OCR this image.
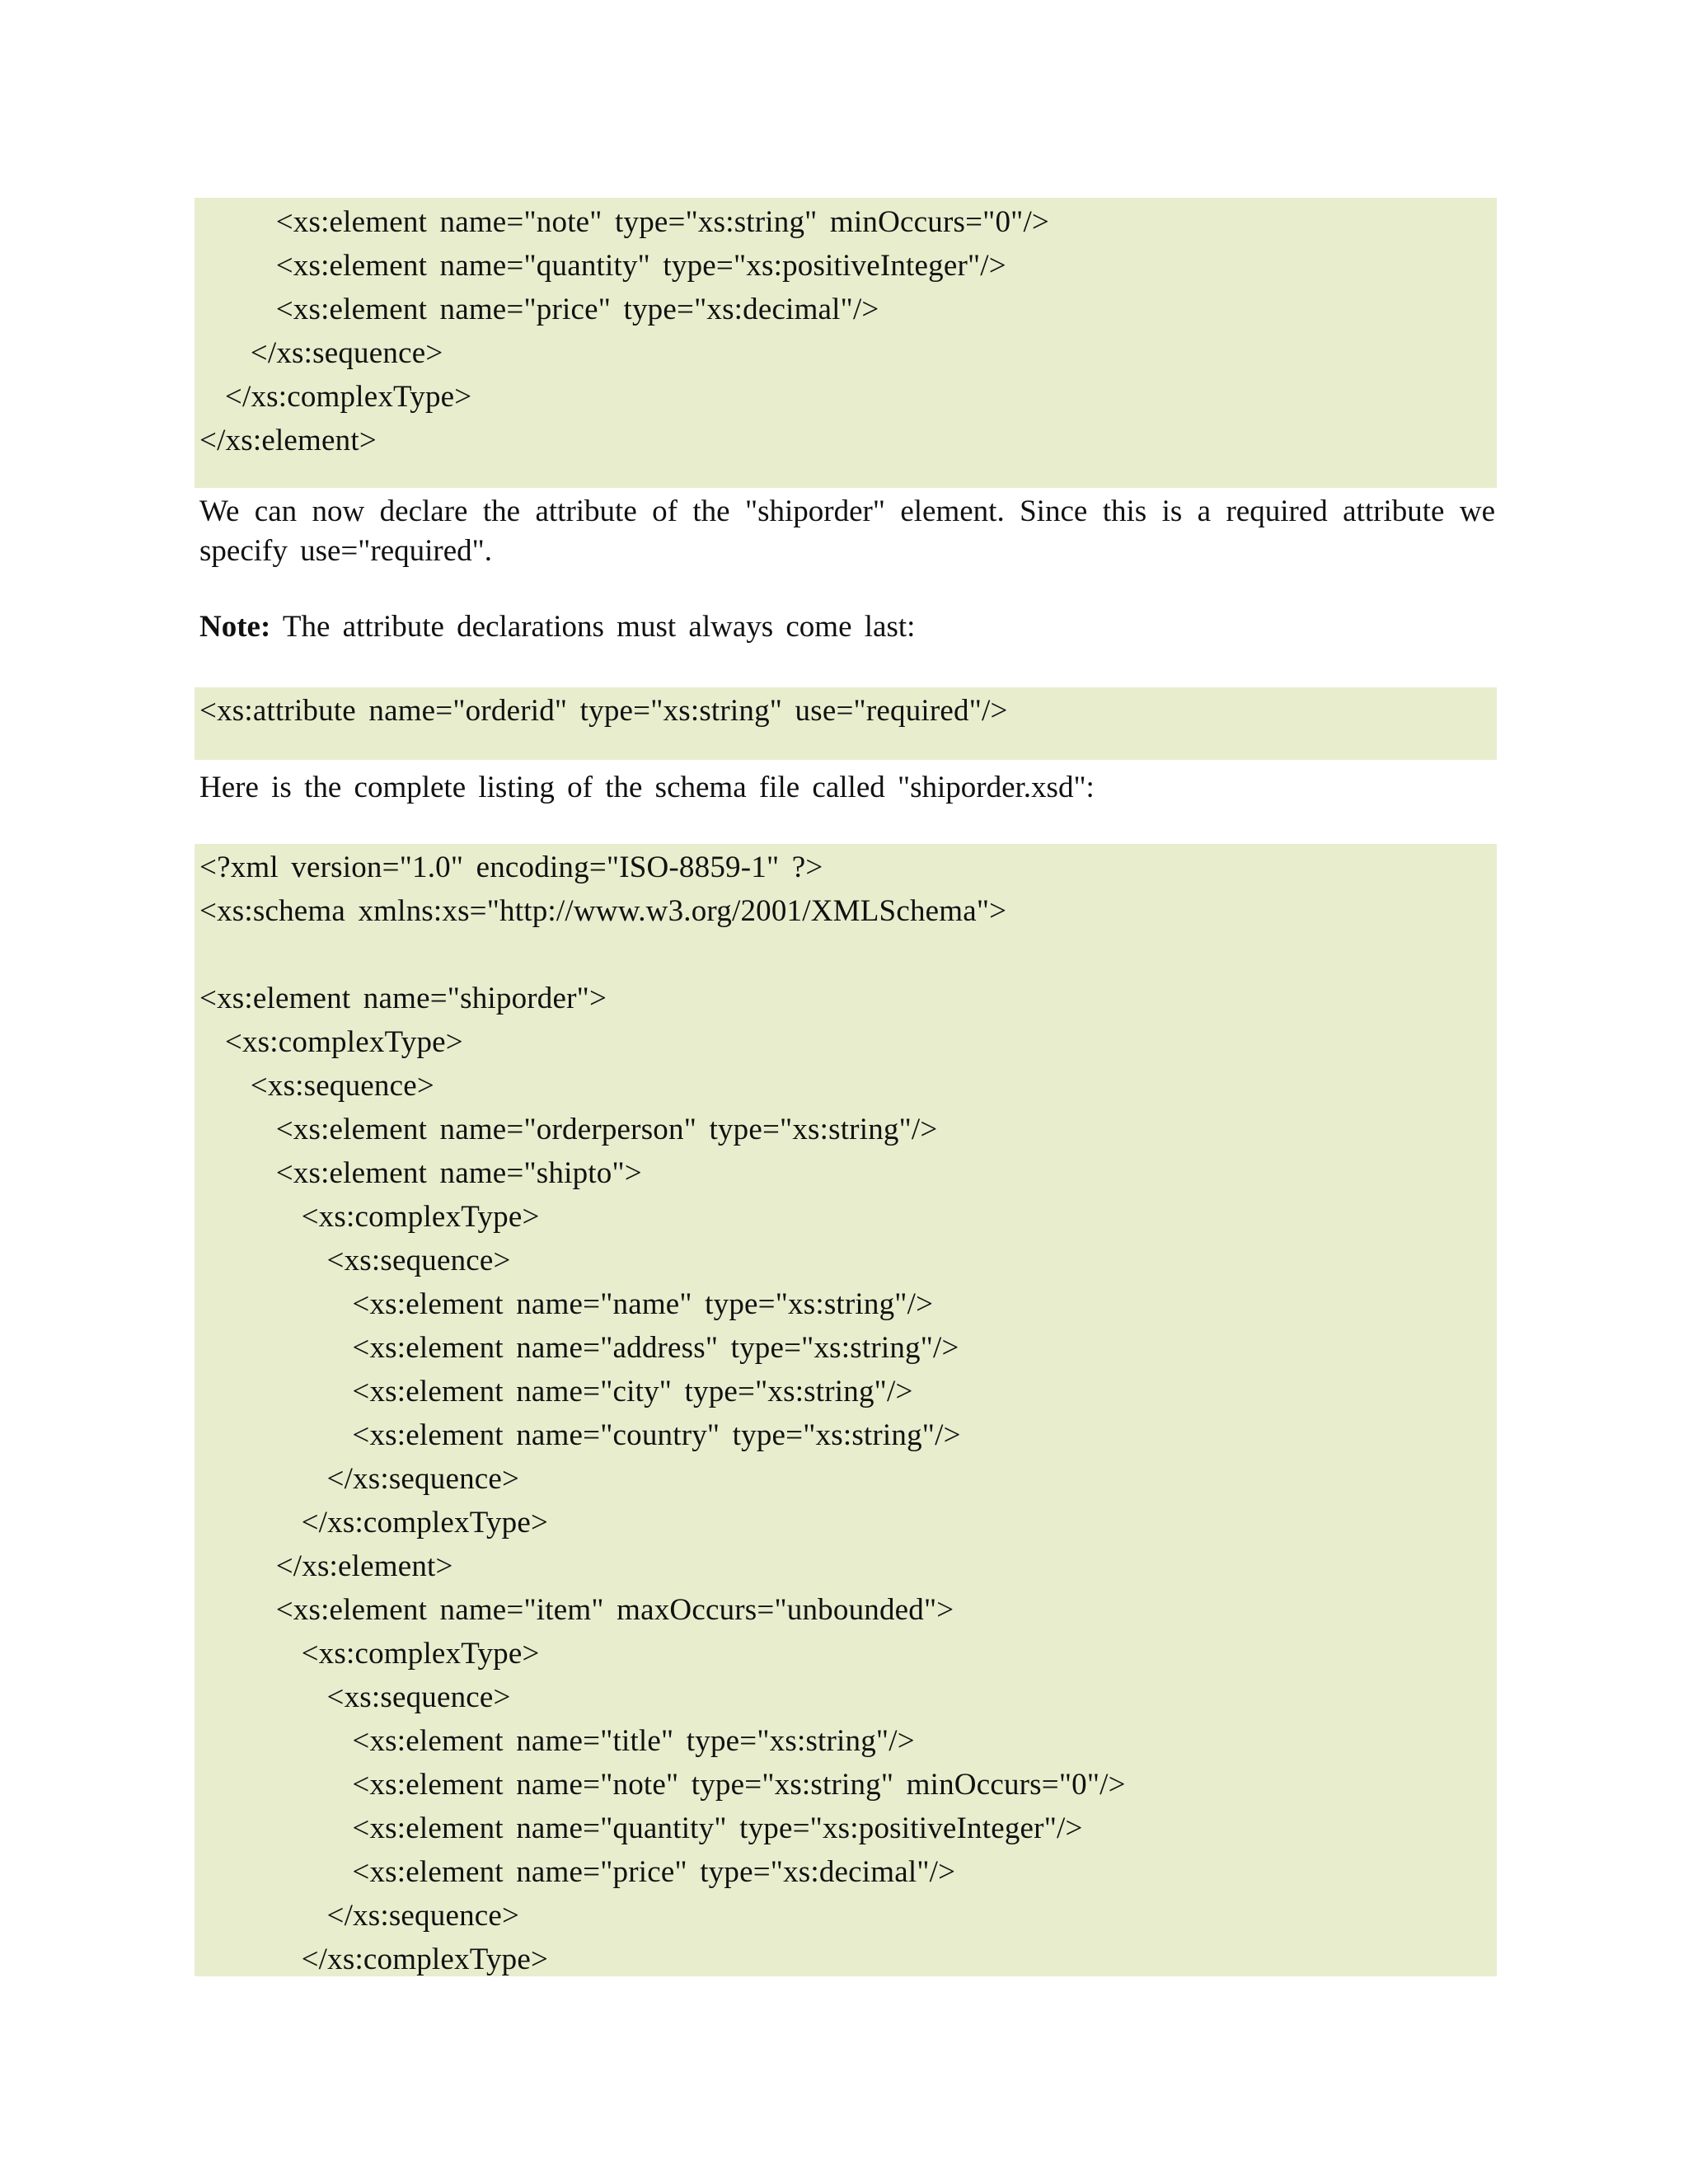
<xs:element name="note" type="xs:string" minOccurs="0"/>
<xs:element name="quantity" type="xs:positiveInteger"/>
<xs:element name="price" type="xs:decimal"/>
</xs:sequence>
</xs:complexType>
</xs:element>

We can now declare the attribute of the "shiporder" element. Since this is a required attribute we specify use="required".

Note: The attribute declarations must always come last:

<xs:attribute name="orderid" type="xs:string" use="required"/>

Here is the complete listing of the schema file called "shiporder.xsd":

<?xml version="1.0" encoding="ISO-8859-1" ?>
<xs:schema xmlns:xs="http://www.w3.org/2001/XMLSchema">
<xs:element name="shiporder">
<xs:complexType>
<xs:sequence>
<xs:element name="orderperson" type="xs:string"/>
<xs:element name="shipto">
<xs:complexType>
<xs:sequence>
<xs:element name="name" type="xs:string"/>
<xs:element name="address" type="xs:string"/>
<xs:element name="city" type="xs:string"/>
<xs:element name="country" type="xs:string"/>
</xs:sequence>
</xs:complexType>
</xs:element>
<xs:element name="item" maxOccurs="unbounded">
<xs:complexType>
<xs:sequence>
<xs:element name="title" type="xs:string"/>
<xs:element name="note" type="xs:string" minOccurs="0"/>
<xs:element name="quantity" type="xs:positiveInteger"/>
<xs:element name="price" type="xs:decimal"/>
</xs:sequence>
</xs:complexType>
